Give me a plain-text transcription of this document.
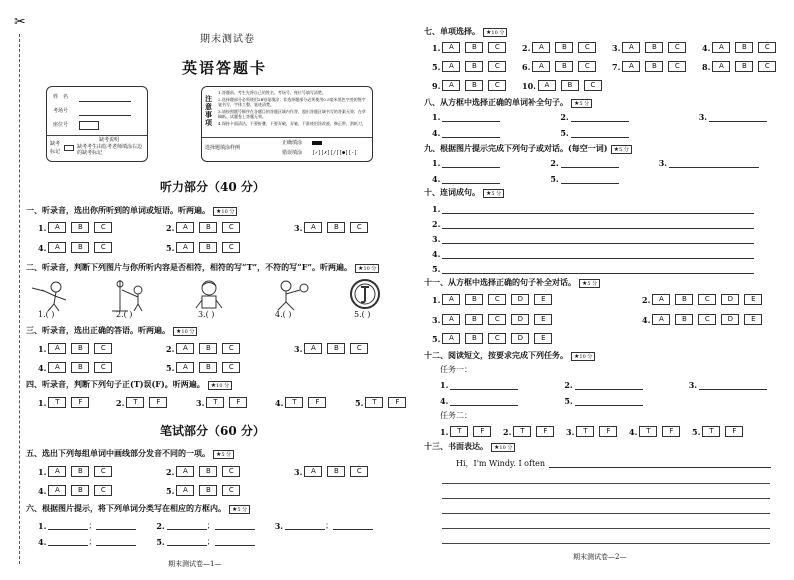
✂
期末测试卷
英语答题卡
姓　名
考场号
座位号
缺考
标记
缺考说明
缺考考生由监考老师填涂右边的缺考标记
注意事项
1.答题前，考生先将自己的姓名、考场号、座位号填写清楚。
2.选择题部分必须使用2B铅笔填涂；非选择题部分必须使用0.5毫米黑色字迹的签字笔书写，字体工整、笔迹清楚。
3.请按照题号顺序在各题目的答题区域内作答，超出答题区域书写的答案无效；在草稿纸、试题卷上答题无效。
4.保持卡面清洁，不要折叠、不要弄破、弄皱，不准使用涂改液、修正带、刮纸刀。
选择题填涂样例
正确填涂
错误填涂 [✓][✗][/][●][-]
听力部分（40 分）
一、听录音，选出你所听到的单词或短语。听两遍。 ★10 分
1.	A	B	C	2.	A	B	C	3.	A	B	C
4.	A	B	C	5.	A	B	C
二、听录音，判断下列图片与你所听内容是否相符，相符的写“T”，不符的写“F”。听两遍。 ★10 分
1.( )	2.( )	3.( )	4.( )	5.( )
三、听录音，选出正确的答语。听两遍。 ★10 分
1.	A	B	C	2.	A	B	C	3.	A	B	C
4.	A	B	C	5.	A	B	C
四、听录音，判断下列句子正(T)误(F)。听两遍。 ★10 分
1.	T	F	2.	T	F	3.	T	F	4.	T	F	5.	T	F
笔试部分（60 分）
五、选出下列每组单词中画线部分发音不同的一项。 ★5 分
1.	A	B	C	2.	A	B	C	3.	A	B	C
4.	A	B	C	5.	A	B	C
六、根据图片提示，将下列单词分类写在相应的方框内。 ★5 分
1.	；	2.	；	3.	；
4.	；	5.	；
期末测试卷—1—
七、单项选择。 ★10 分
1.	A	B	C	2.	A	B	C	3.	A	B	C	4.	A	B	C
5.	A	B	C	6.	A	B	C	7.	A	B	C	8.	A	B	C
9.	A	B	C	10.	A	B	C
八、从方框中选择正确的单词补全句子。 ★5 分
1.	2.	3.
4.	5.
九、根据图片提示完成下列句子或对话。(每空一词) ★5 分
1.	2.	3.
4.	5.
十、连词成句。 ★5 分
1.
2.
3.
4.
5.
十一、从方框中选择正确的句子补全对话。 ★5 分
1.	A	B	C	D	E	2.	A	B	C	D	E
3.	A	B	C	D	E	4.	A	B	C	D	E
5.	A	B	C	D	E
十二、阅读短文，按要求完成下列任务。 ★10 分
任务一：
1.	2.	3.
4.	5.
任务二：
1.	T	F	2.	T	F	3.	T	F	4.	T	F	5.	T	F
十三、书面表达。 ★10 分
Hi，I'm Windy. I often
期末测试卷—2—
